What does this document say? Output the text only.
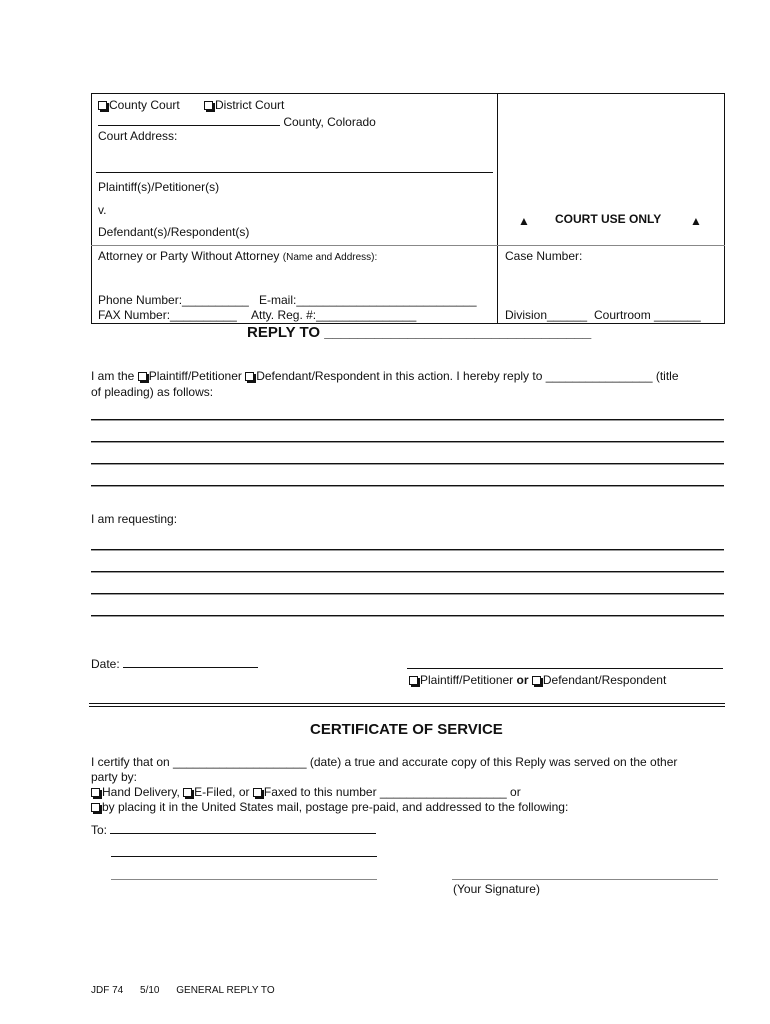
County Court	District Court
County, Colorado
Court Address:
Plaintiff(s)/Petitioner(s)
v.
Defendant(s)/Respondent(s)
▲ COURT USE ONLY ▲
Attorney or Party Without Attorney (Name and Address):	Case Number:
Phone Number:__________ E-mail:___________________________
FAX Number:__________ Atty. Reg. #:_______________	Division______ Courtroom _______
REPLY TO ________________________________
I am the Plaintiff/Petitioner Defendant/Respondent in this action. I hereby reply to ________________ (title
of pleading) as follows:
I am requesting:
Date:
Plaintiff/Petitioner or Defendant/Respondent
CERTIFICATE OF SERVICE
I certify that on ____________________ (date) a true and accurate copy of this Reply was served on the other
party by:
Hand Delivery, E-Filed, or Faxed to this number ___________________ or
by placing it in the United States mail, postage pre-paid, and addressed to the following:
To:
(Your Signature)
JDF 74 5/10 GENERAL REPLY TO
